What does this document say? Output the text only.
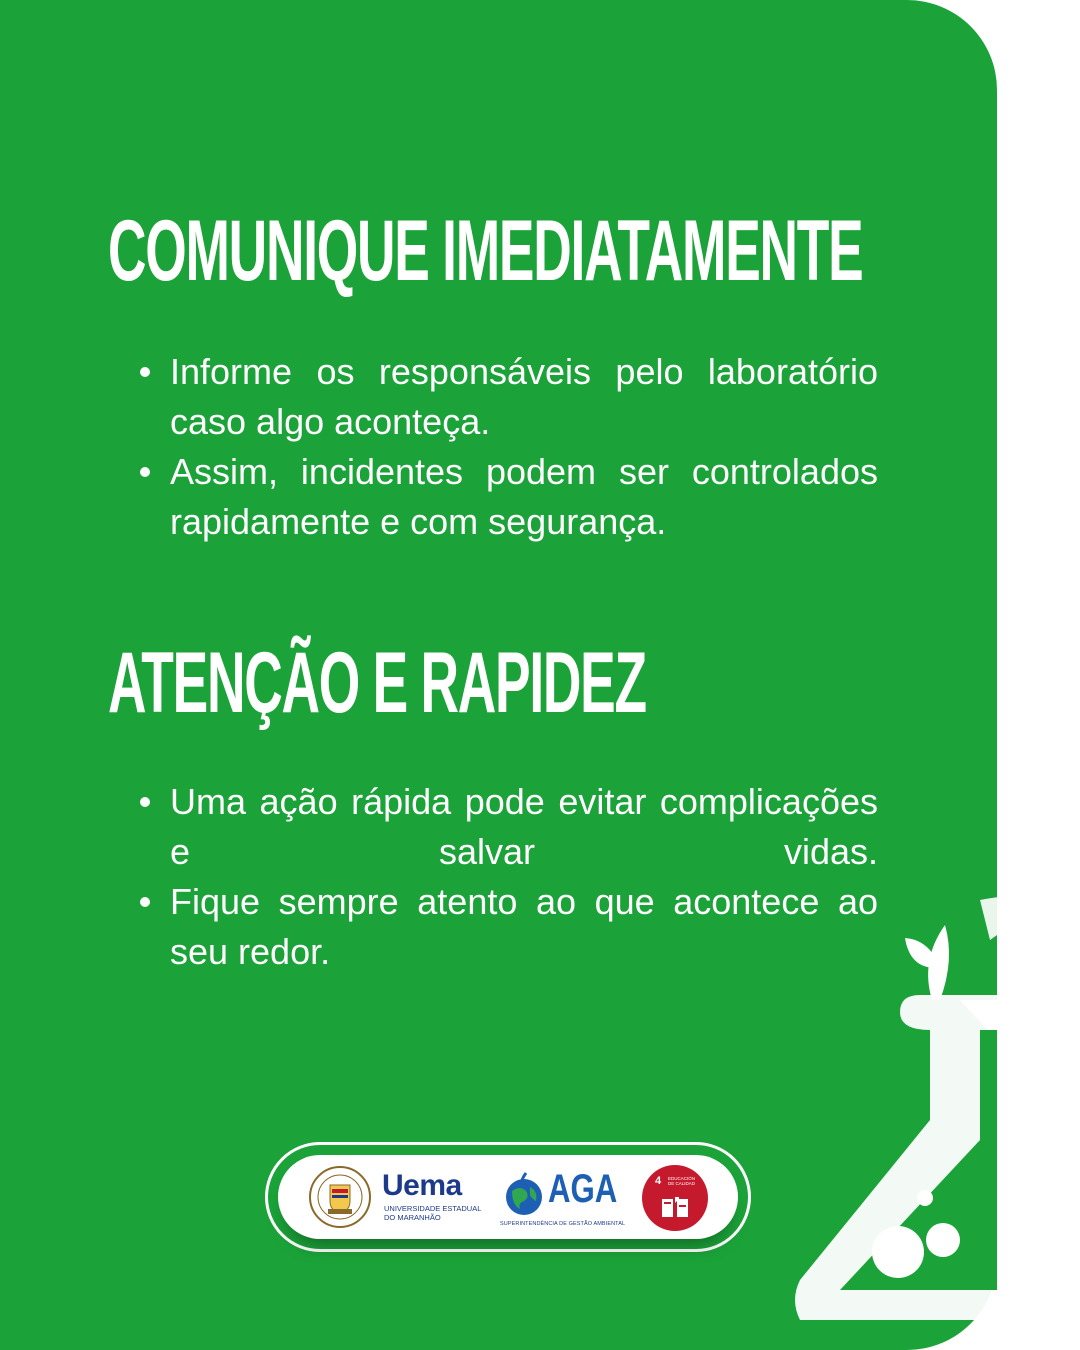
COMUNIQUE IMEDIATAMENTE
Informe os responsáveis pelo laboratório caso algo aconteça.
Assim, incidentes podem ser controlados rapidamente e com segurança.
ATENÇÃO E RAPIDEZ
Uma ação rápida pode evitar complicações e salvar vidas.
Fique sempre atento ao que acontece ao seu redor.
Uema
UNIVERSIDADE ESTADUAL DO MARANHÃO
AGA
SUPERINTENDÊNCIA DE GESTÃO AMBIENTAL
4 EDUCACIÓN DE CALIDAD
